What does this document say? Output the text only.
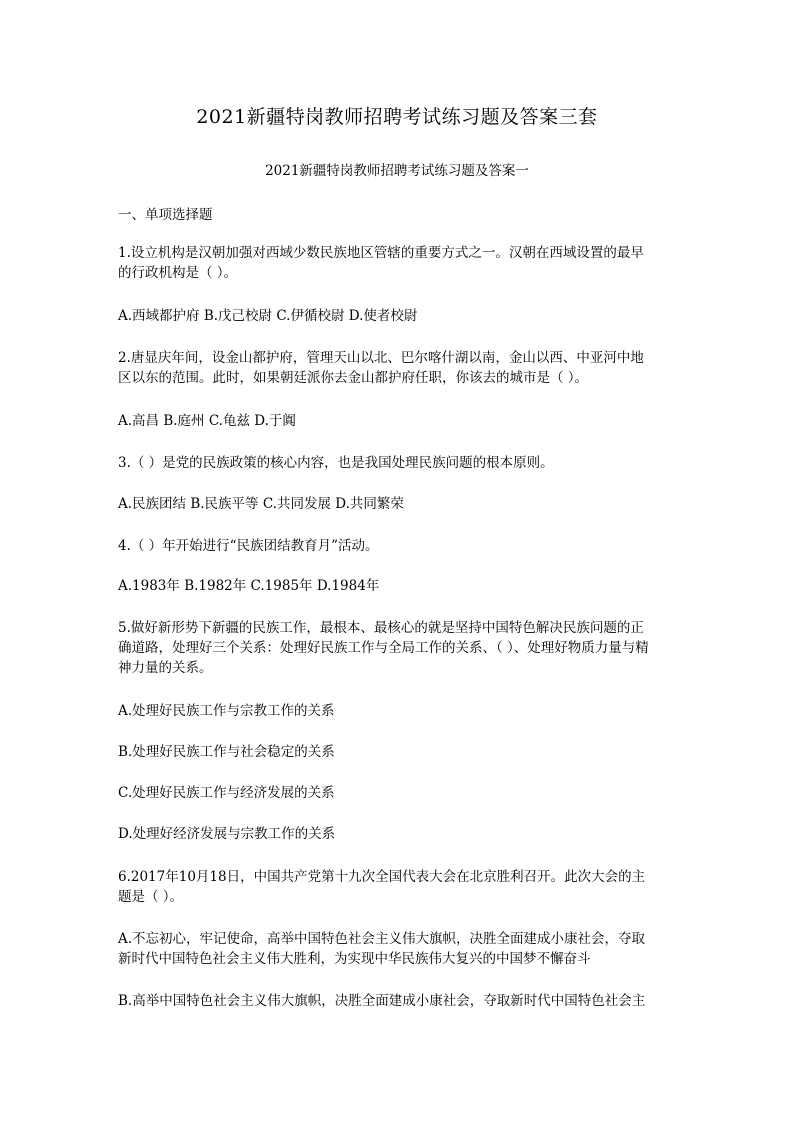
2021新疆特岗教师招聘考试练习题及答案三套
2021新疆特岗教师招聘考试练习题及答案一
一、单项选择题
1.设立机构是汉朝加强对西域少数民族地区管辖的重要方式之一。汉朝在西域设置的最早
的行政机构是（ ）。
A.西域都护府 B.戊己校尉 C.伊循校尉 D.使者校尉
2.唐显庆年间，设金山都护府，管理天山以北、巴尔喀什湖以南，金山以西、中亚河中地
区以东的范围。此时，如果朝廷派你去金山都护府任职，你该去的城市是（ ）。
A.高昌 B.庭州 C.龟兹 D.于阗
3.（ ）是党的民族政策的核心内容，也是我国处理民族问题的根本原则。
A.民族团结 B.民族平等 C.共同发展 D.共同繁荣
4.（ ）年开始进行“民族团结教育月”活动。
A.1983年 B.1982年 C.1985年 D.1984年
5.做好新形势下新疆的民族工作，最根本、最核心的就是坚持中国特色解决民族问题的正
确道路，处理好三个关系：处理好民族工作与全局工作的关系、（ ）、处理好物质力量与精
神力量的关系。
A.处理好民族工作与宗教工作的关系
B.处理好民族工作与社会稳定的关系
C.处理好民族工作与经济发展的关系
D.处理好经济发展与宗教工作的关系
6.2017年10月18日，中国共产党第十九次全国代表大会在北京胜利召开。此次大会的主
题是（ ）。
A.不忘初心，牢记使命，高举中国特色社会主义伟大旗帜，决胜全面建成小康社会，夺取
新时代中国特色社会主义伟大胜利，为实现中华民族伟大复兴的中国梦不懈奋斗
B.高举中国特色社会主义伟大旗帜，决胜全面建成小康社会，夺取新时代中国特色社会主
